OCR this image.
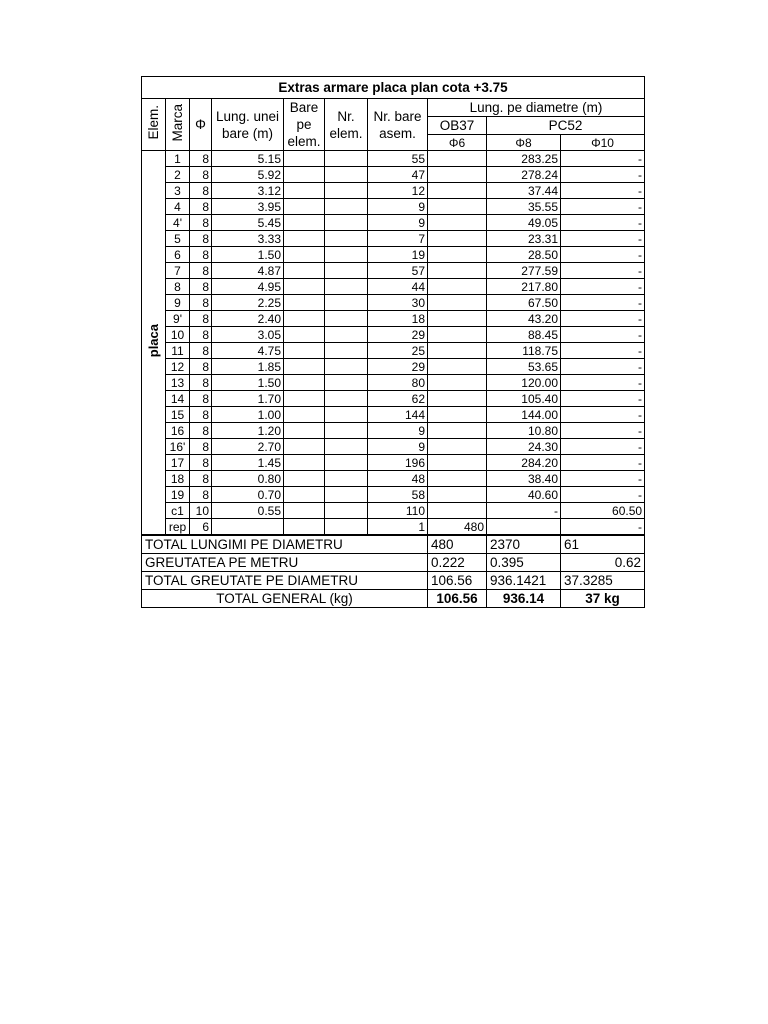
Extras armare placa plan cota +3.75									
Elem.	Marca	Φ	Lung. unei bare (m)	Bare pe elem.	Nr. elem.	Nr. bare asem.	Lung. pe diametre (m)		
							OB37	PC52	
							Φ6	Φ8	Φ10
placa	1	8	5.15			55		283.25	-
	2	8	5.92			47		278.24	-
	3	8	3.12			12		37.44	-
	4	8	3.95			9		35.55	-
	4'	8	5.45			9		49.05	-
	5	8	3.33			7		23.31	-
	6	8	1.50			19		28.50	-
	7	8	4.87			57		277.59	-
	8	8	4.95			44		217.80	-
	9	8	2.25			30		67.50	-
	9'	8	2.40			18		43.20	-
	10	8	3.05			29		88.45	-
	11	8	4.75			25		118.75	-
	12	8	1.85			29		53.65	-
	13	8	1.50			80		120.00	-
	14	8	1.70			62		105.40	-
	15	8	1.00			144		144.00	-
	16	8	1.20			9		10.80	-
	16'	8	2.70			9		24.30	-
	17	8	1.45			196		284.20	-
	18	8	0.80			48		38.40	-
	19	8	0.70			58		40.60	-
	c1	10	0.55			110		-	60.50
	rep	6				1	480		-
TOTAL LUNGIMI PE DIAMETRU	480	2370	61
GREUTATEA PE METRU	0.222	0.395	0.62
TOTAL GREUTATE PE DIAMETRU	106.56	936.1421	37.3285
TOTAL GENERAL (kg)	106.56	936.14	37 kg
